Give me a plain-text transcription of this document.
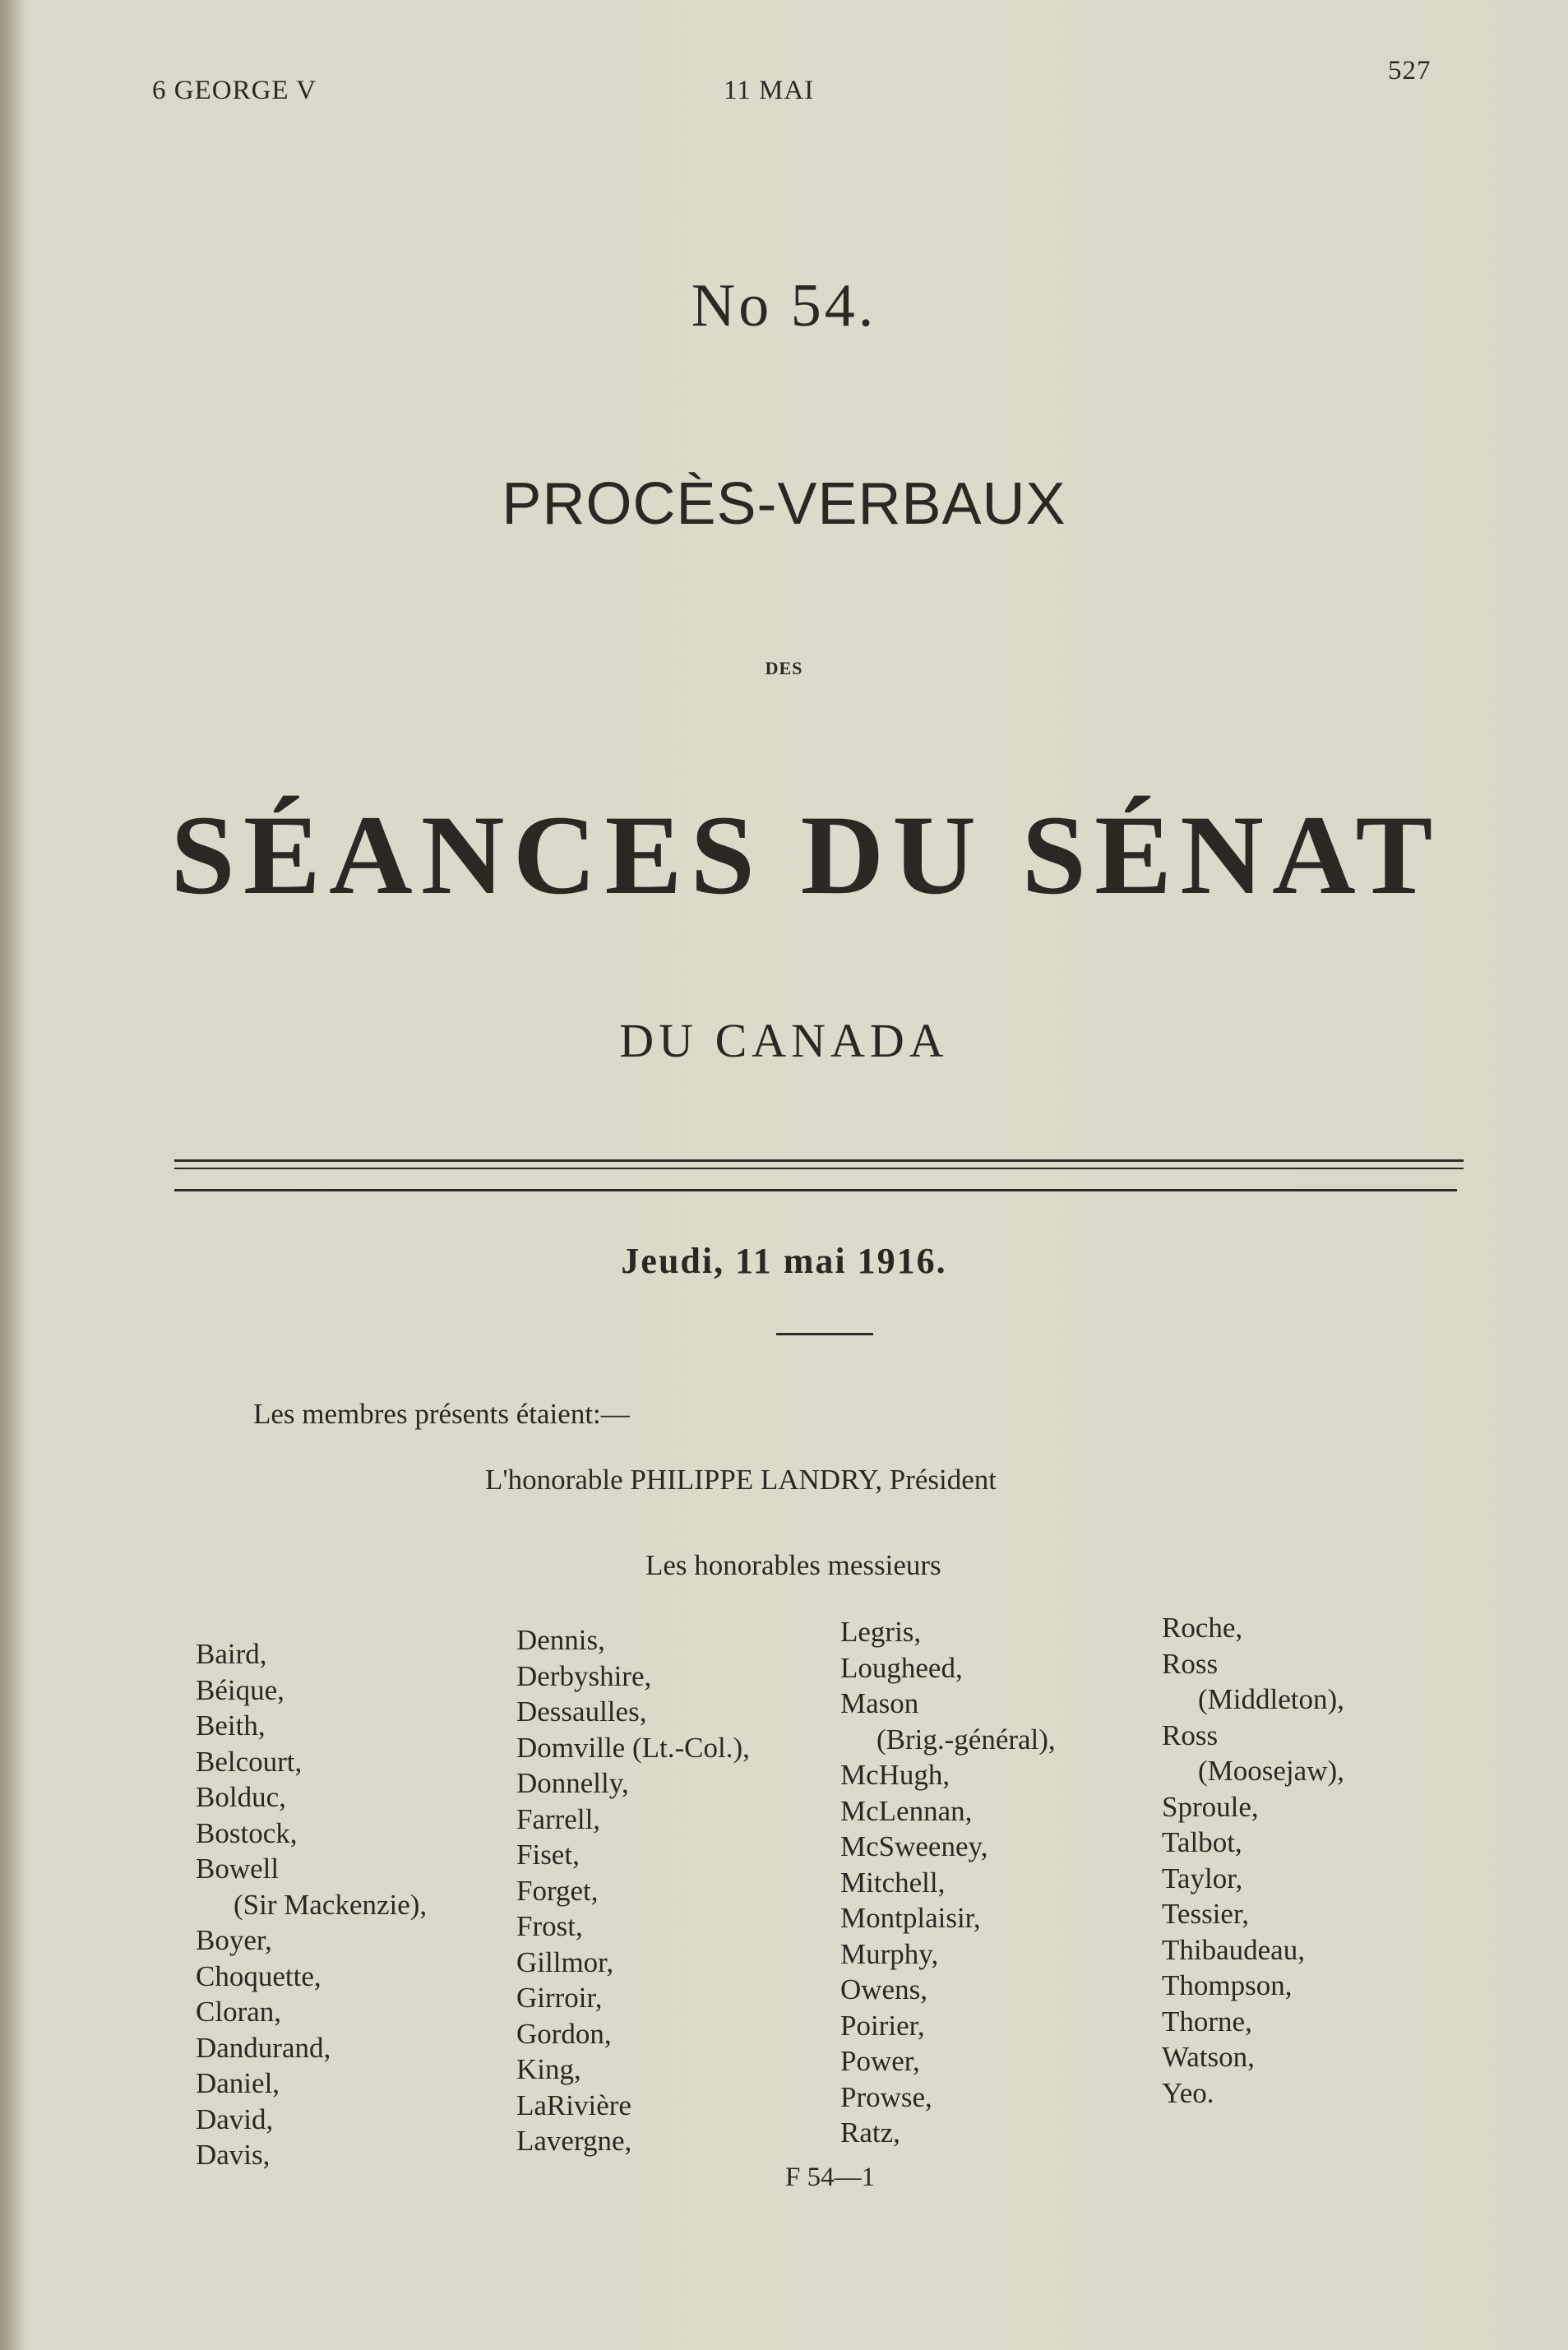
6 GEORGE V	11 MAI
527
No 54.
PROCÈS-VERBAUX
DES
SÉANCES DU SÉNAT
DU CANADA
Jeudi, 11 mai 1916.
Les membres présents étaient:—
L'honorable PHILIPPE LANDRY, Président
Les honorables messieurs
Baird,
Béique,
Beith,
Belcourt,
Bolduc,
Bostock,
Bowell
(Sir Mackenzie),
Boyer,
Choquette,
Cloran,
Dandurand,
Daniel,
David,
Davis,
Dennis,
Derbyshire,
Dessaulles,
Domville (Lt.-Col.),
Donnelly,
Farrell,
Fiset,
Forget,
Frost,
Gillmor,
Girroir,
Gordon,
King,
LaRivière
Lavergne,
Legris,
Lougheed,
Mason
(Brig.-général),
McHugh,
McLennan,
McSweeney,
Mitchell,
Montplaisir,
Murphy,
Owens,
Poirier,
Power,
Prowse,
Ratz,
Roche,
Ross
(Middleton),
Ross
(Moosejaw),
Sproule,
Talbot,
Taylor,
Tessier,
Thibaudeau,
Thompson,
Thorne,
Watson,
Yeo.
F 54—1
